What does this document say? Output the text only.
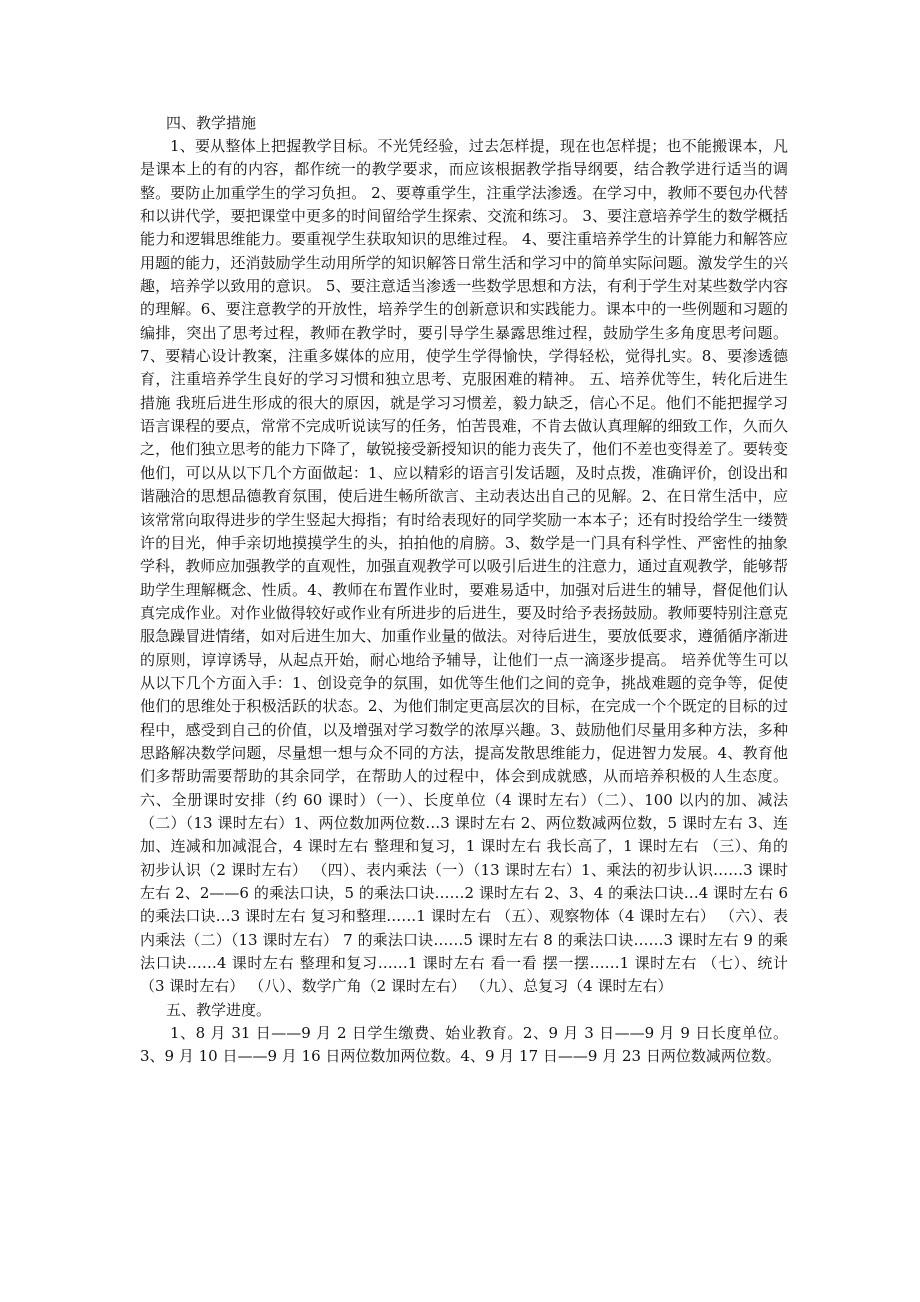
四、教学措施

1、要从整体上把握教学目标。不光凭经验，过去怎样提，现在也怎样提；也不能搬课本，凡是课本上的有的内容，都作统一的教学要求，而应该根据教学指导纲要，结合教学进行适当的调整。要防止加重学生的学习负担。 2、要尊重学生，注重学法渗透。在学习中，教师不要包办代替和以讲代学，要把课堂中更多的时间留给学生探索、交流和练习。 3、要注意培养学生的数学概括能力和逻辑思维能力。要重视学生获取知识的思维过程。 4、要注重培养学生的计算能力和解答应用题的能力，还消鼓励学生动用所学的知识解答日常生活和学习中的简单实际问题。激发学生的兴趣，培养学以致用的意识。 5、要注意适当渗透一些数学思想和方法，有利于学生对某些数学内容的理解。6、要注意教学的开放性，培养学生的创新意识和实践能力。课本中的一些例题和习题的编排，突出了思考过程，教师在教学时，要引导学生暴露思维过程，鼓励学生多角度思考问题。7、要精心设计教案，注重多媒体的应用，使学生学得愉快，学得轻松，觉得扎实。8、要渗透德育，注重培养学生良好的学习习惯和独立思考、克服困难的精神。 五、培养优等生，转化后进生措施 我班后进生形成的很大的原因，就是学习习惯差，毅力缺乏，信心不足。他们不能把握学习语言课程的要点，常常不完成听说读写的任务，怕苦畏难，不肯去做认真理解的细致工作，久而久之，他们独立思考的能力下降了，敏锐接受新授知识的能力丧失了，他们不差也变得差了。要转变他们，可以从以下几个方面做起：1、应以精彩的语言引发话题，及时点拨，准确评价，创设出和谐融洽的思想品德教育氛围，使后进生畅所欲言、主动表达出自己的见解。2、在日常生活中，应该常常向取得进步的学生竖起大拇指；有时给表现好的同学奖励一本本子；还有时投给学生一缕赞许的目光，伸手亲切地摸摸学生的头，拍拍他的肩膀。3、数学是一门具有科学性、严密性的抽象学科，教师应加强教学的直观性，加强直观教学可以吸引后进生的注意力，通过直观教学，能够帮助学生理解概念、性质。4、教师在布置作业时，要难易适中，加强对后进生的辅导，督促他们认真完成作业。对作业做得较好或作业有所进步的后进生，要及时给予表扬鼓励。教师要特别注意克服急躁冒进情绪，如对后进生加大、加重作业量的做法。对待后进生，要放低要求，遵循循序渐进的原则，谆谆诱导，从起点开始，耐心地给予辅导，让他们一点一滴逐步提高。 培养优等生可以从以下几个方面入手：1、创设竞争的氛围，如优等生他们之间的竞争，挑战难题的竞争等，促使他们的思维处于积极活跃的状态。2、为他们制定更高层次的目标，在完成一个个既定的目标的过程中，感受到自己的价值，以及增强对学习数学的浓厚兴趣。3、鼓励他们尽量用多种方法，多种思路解决数学问题，尽量想一想与众不同的方法，提高发散思维能力，促进智力发展。4、教育他们多帮助需要帮助的其余同学，在帮助人的过程中，体会到成就感，从而培养积极的人生态度。六、全册课时安排（约 60 课时）（一）、长度单位（4 课时左右）（二）、100 以内的加、减法（二）（13 课时左右）1、两位数加两位数…3 课时左右 2、两位数减两位数，5 课时左右 3、连加、连减和加减混合，4 课时左右 整理和复习，1 课时左右 我长高了，1 课时左右 （三）、角的初步认识（2 课时左右） （四）、表内乘法（一）（13 课时左右）1、乘法的初步认识……3 课时左右 2、2——6 的乘法口诀，5 的乘法口诀……2 课时左右 2、3、4 的乘法口诀…4 课时左右 6 的乘法口诀…3 课时左右 复习和整理……1 课时左右 （五）、观察物体（4 课时左右） （六）、表内乘法（二）（13 课时左右） 7 的乘法口诀……5 课时左右 8 的乘法口诀……3 课时左右 9 的乘法口诀……4 课时左右 整理和复习……1 课时左右 看一看 摆一摆……1 课时左右 （七）、统计（3 课时左右） （八）、数学广角（2 课时左右） （九）、总复习（4 课时左右）

五、教学进度。

1、8 月 31 日——9 月 2 日学生缴费、始业教育。2、9 月 3 日——9 月 9 日长度单位。3、9 月 10 日——9 月 16 日两位数加两位数。4、9 月 17 日——9 月 23 日两位数减两位数。
